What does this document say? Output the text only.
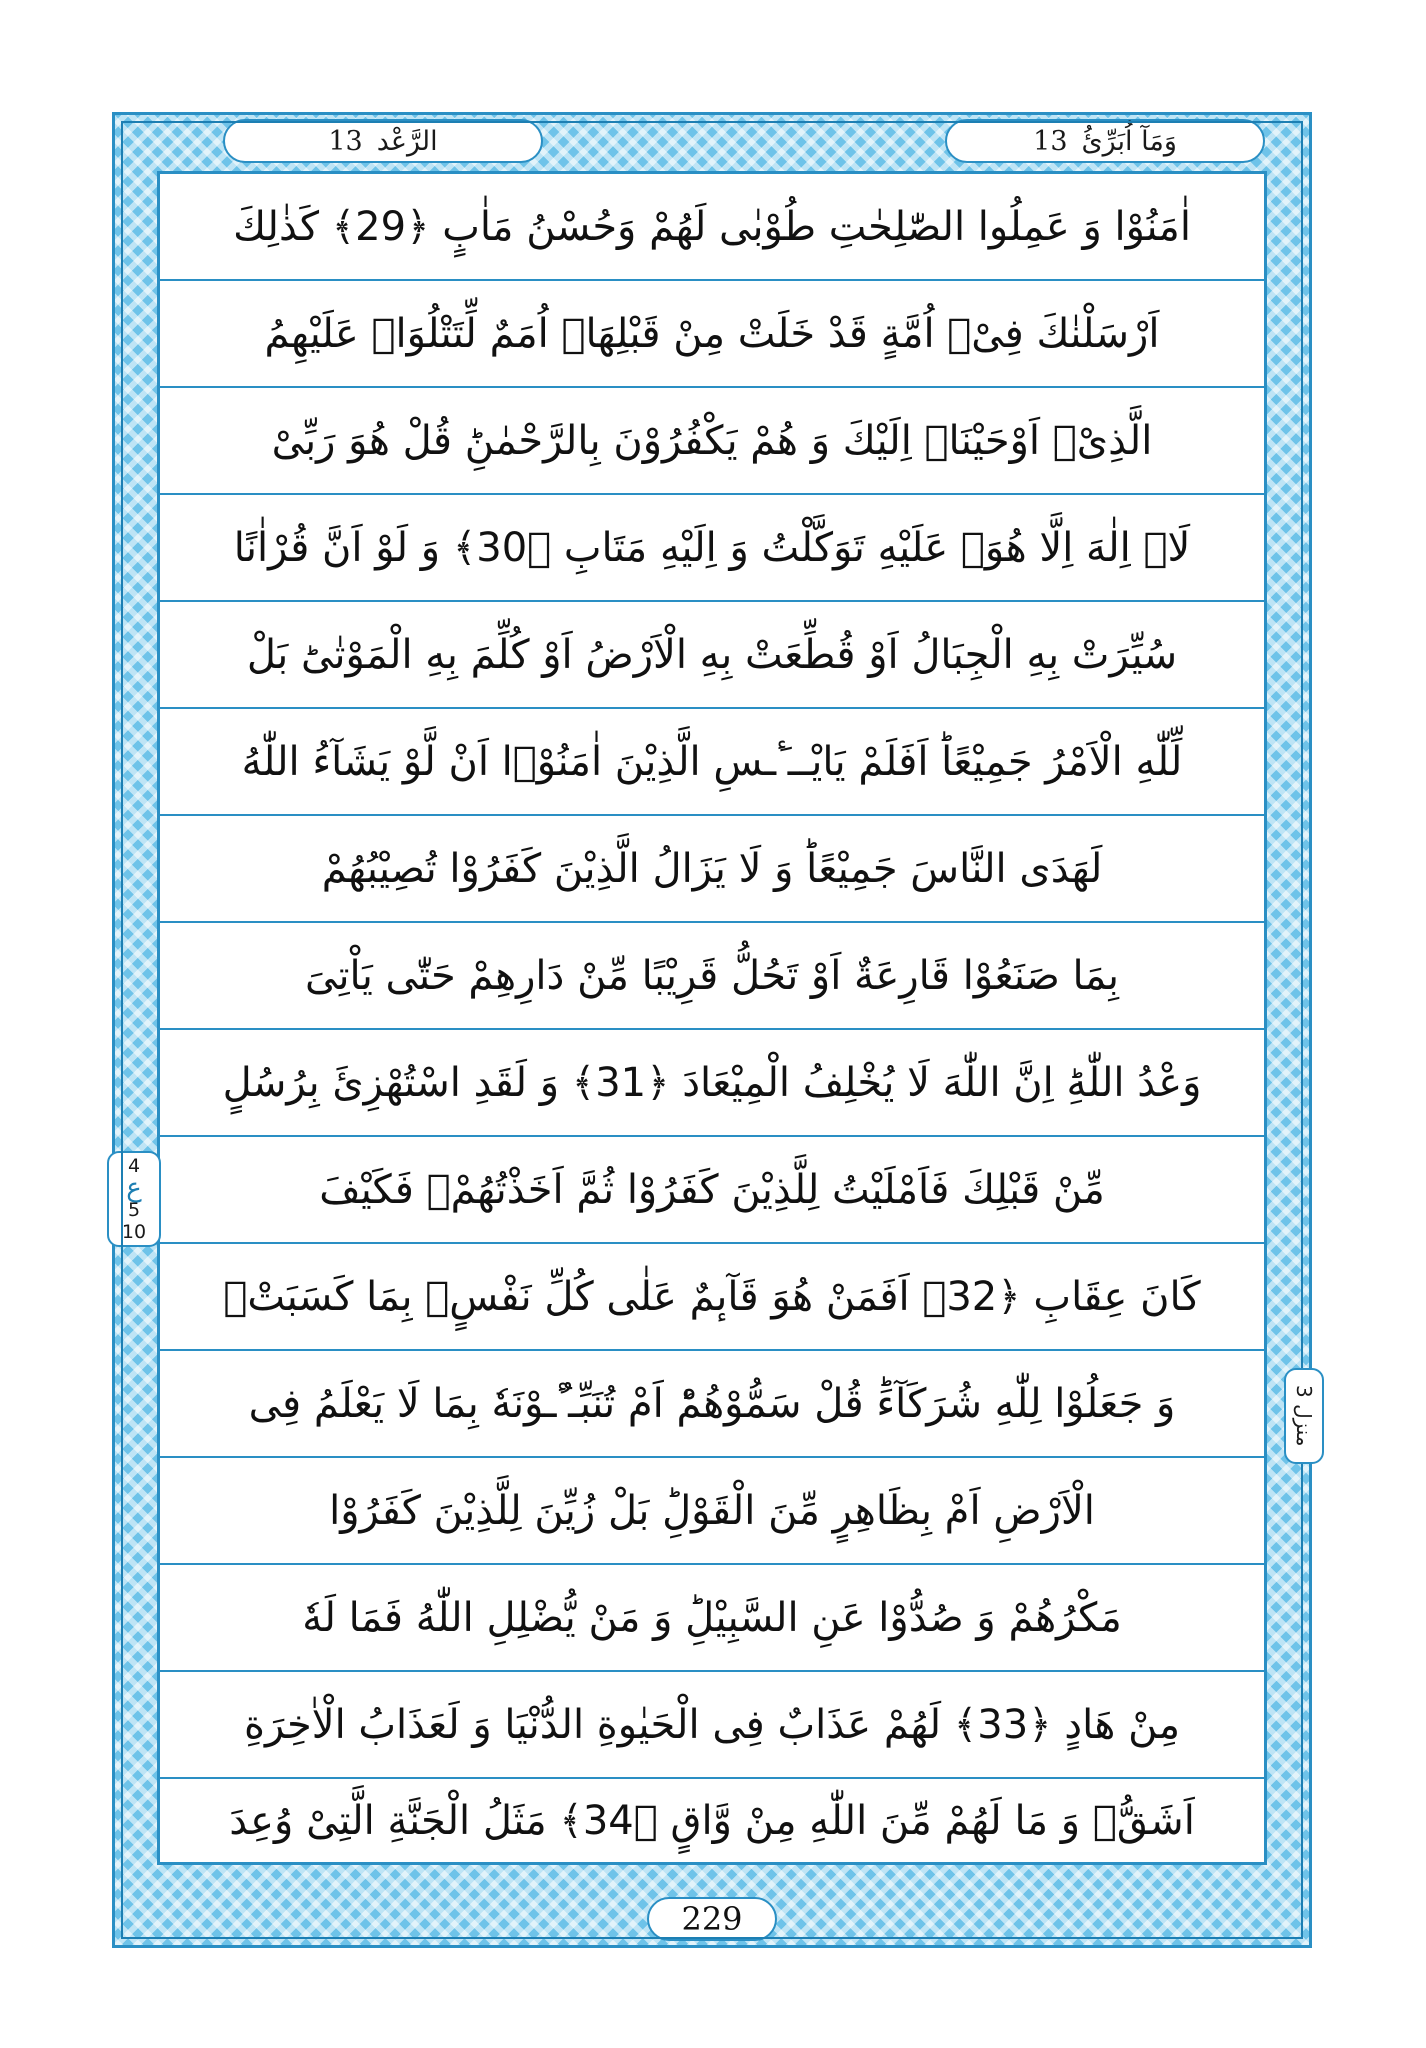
وَمَآ اُبَرِّئُ
13
الرَّعْد
13
اٰمَنُوْا وَ عَمِلُوا الصّٰلِحٰتِ طُوْبٰى لَهُمْ وَحُسْنُ مَاٰبٍ ﴿29﴾ كَذٰلِكَ
اَرْسَلْنٰكَ فِیْۤ اُمَّةٍ قَدْ خَلَتْ مِنْ قَبْلِهَاۤ اُمَمٌ لِّتَتْلُوَاۡ عَلَیْهِمُ
الَّذِیْۤ اَوْحَیْنَاۤ اِلَیْكَ وَ هُمْ یَكْفُرُوْنَ بِالرَّحْمٰنِؕ قُلْ هُوَ رَبِّیْ
لَاۤ اِلٰهَ اِلَّا هُوَۚ عَلَیْهِ تَوَكَّلْتُ وَ اِلَیْهِ مَتَابِ ﴿30﴾ وَ لَوْ اَنَّ قُرْاٰنًا
سُیِّرَتْ بِهِ الْجِبَالُ اَوْ قُطِّعَتْ بِهِ الْاَرْضُ اَوْ كُلِّمَ بِهِ الْمَوْتٰىؕ بَلْ
لِّلّٰهِ الْاَمْرُ جَمِیْعًاؕ اَفَلَمْ یَایْــٴَـسِ الَّذِیْنَ اٰمَنُوْۤا اَنْ لَّوْ یَشَآءُ اللّٰهُ
لَهَدَى النَّاسَ جَمِیْعًاؕ وَ لَا یَزَالُ الَّذِیْنَ كَفَرُوْا تُصِیْبُهُمْ
بِمَا صَنَعُوْا قَارِعَةٌ اَوْ تَحُلُّ قَرِیْبًا مِّنْ دَارِهِمْ حَتّٰى یَاْتِیَ
وَعْدُ اللّٰهِؕ اِنَّ اللّٰهَ لَا یُخْلِفُ الْمِیْعَادَ ﴿31﴾ وَ لَقَدِ اسْتُهْزِئَ بِرُسُلٍ
مِّنْ قَبْلِكَ فَاَمْلَیْتُ لِلَّذِیْنَ كَفَرُوْا ثُمَّ اَخَذْتُهُمْ۫ فَكَیْفَ
كَانَ عِقَابِ ﴿32﴾ اَفَمَنْ هُوَ قَآىٕمٌ عَلٰى كُلِّ نَفْسٍۭ بِمَا كَسَبَتْۚ
وَ جَعَلُوْا لِلّٰهِ شُرَكَآءَؕ قُلْ سَمُّوْهُمْؕ اَمْ تُنَبِّـٴُـوْنَهٗ بِمَا لَا یَعْلَمُ فِی
الْاَرْضِ اَمْ بِظَاهِرٍ مِّنَ الْقَوْلِؕ بَلْ زُیِّنَ لِلَّذِیْنَ كَفَرُوْا
مَكْرُهُمْ وَ صُدُّوْا عَنِ السَّبِیْلِؕ وَ مَنْ یُّضْلِلِ اللّٰهُ فَمَا لَهٗ
مِنْ هَادٍ ﴿33﴾ لَهُمْ عَذَابٌ فِی الْحَیٰوةِ الدُّنْیَا وَ لَعَذَابُ الْاٰخِرَةِ
اَشَقُّۚ وَ مَا لَهُمْ مِّنَ اللّٰهِ مِنْ وَّاقٍ ﴿34﴾ مَثَلُ الْجَنَّةِ الَّتِیْ وُعِدَ
4
ع
5
10
229
منزل 3
